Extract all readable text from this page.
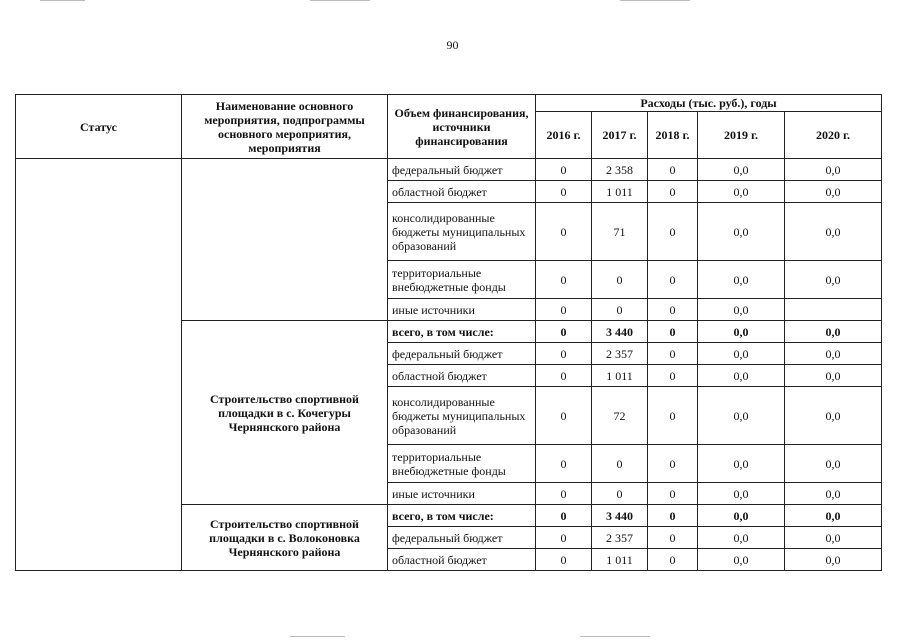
90
Статус	Наименование основного мероприятия, подпрограммы основного мероприятия, мероприятия	Объем финансирования, источники финансирования	Расходы (тыс. руб.), годы				
			2016 г.	2017 г.	2018 г.	2019 г.	2020 г.
		федеральный бюджет	0	2 358	0	0,0	0,0
		областной бюджет	0	1 011	0	0,0	0,0
		консолидированные бюджеты муниципальных образований	0	71	0	0,0	0,0
		территориальные внебюджетные фонды	0	0	0	0,0	0,0
		иные источники	0	0	0	0,0	
	Строительство спортивной площадки в с. Кочегуры Чернянского района	всего, в том числе:	0	3 440	0	0,0	0,0
		федеральный бюджет	0	2 357	0	0,0	0,0
		областной бюджет	0	1 011	0	0,0	0,0
		консолидированные бюджеты муниципальных образований	0	72	0	0,0	0,0
		территориальные внебюджетные фонды	0	0	0	0,0	0,0
		иные источники	0	0	0	0,0	0,0
	Строительство спортивной площадки в с. Волоконовка Чернянского района	всего, в том числе:	0	3 440	0	0,0	0,0
		федеральный бюджет	0	2 357	0	0,0	0,0
		областной бюджет	0	1 011	0	0,0	0,0
